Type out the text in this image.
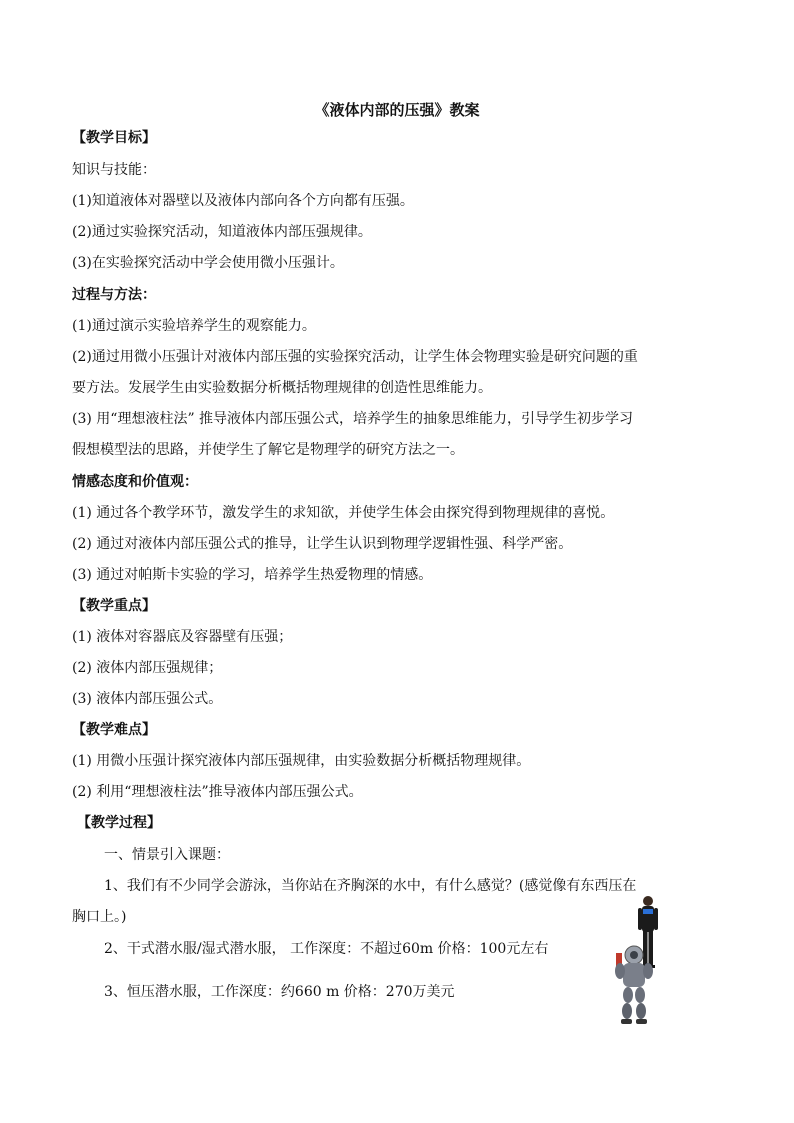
《液体内部的压强》教案
【教学目标】
知识与技能：
(1)知道液体对器壁以及液体内部向各个方向都有压强。
(2)通过实验探究活动，知道液体内部压强规律。
(3)在实验探究活动中学会使用微小压强计。
过程与方法：
(1)通过演示实验培养学生的观察能力。
(2)通过用微小压强计对液体内部压强的实验探究活动，让学生体会物理实验是研究问题的重
要方法。发展学生由实验数据分析概括物理规律的创造性思维能力。
(3) 用“理想液柱法” 推导液体内部压强公式，培养学生的抽象思维能力，引导学生初步学习
假想模型法的思路，并使学生了解它是物理学的研究方法之一。
情感态度和价值观：
(1) 通过各个教学环节，激发学生的求知欲，并使学生体会由探究得到物理规律的喜悦。
(2) 通过对液体内部压强公式的推导，让学生认识到物理学逻辑性强、科学严密。
(3) 通过对帕斯卡实验的学习，培养学生热爱物理的情感。
【教学重点】
(1) 液体对容器底及容器壁有压强；
(2) 液体内部压强规律；
(3) 液体内部压强公式。
【教学难点】
(1) 用微小压强计探究液体内部压强规律，由实验数据分析概括物理规律。
(2) 利用“理想液柱法”推导液体内部压强公式。
【教学过程】
一、情景引入课题：
1、我们有不少同学会游泳，当你站在齐胸深的水中，有什么感觉？(感觉像有东西压在
胸口上。)
2、干式潜水服/湿式潜水服， 工作深度：不超过60m 价格：100元左右
3、恒压潜水服，工作深度：约660 m 价格：270万美元
